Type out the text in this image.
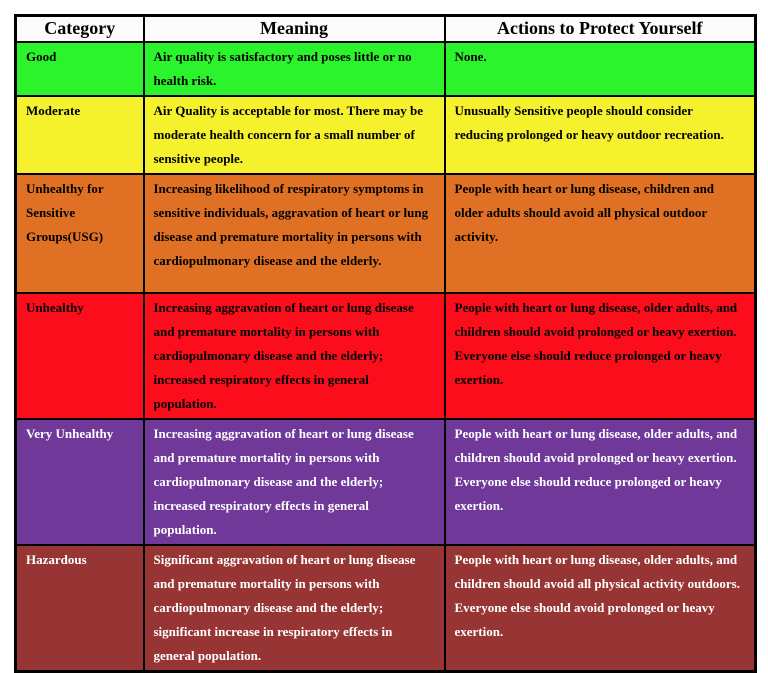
Category	Meaning	Actions to Protect Yourself
Good	Air quality is satisfactory and poses little or no health risk.	None.
Moderate	Air Quality is acceptable for most. There may be moderate health concern for a small number of sensitive people.	Unusually Sensitive people should consider reducing prolonged or heavy outdoor recreation.
Unhealthy for Sensitive Groups(USG)	Increasing likelihood of respiratory symptoms in sensitive individuals, aggravation of heart or lung disease and premature mortality in persons with cardiopulmonary disease and the elderly.	People with heart or lung disease, children and older adults should avoid all physical outdoor activity.
Unhealthy	Increasing aggravation of heart or lung disease and premature mortality in persons with cardiopulmonary disease and the elderly; increased respiratory effects in general population.	People with heart or lung disease, older adults, and children should avoid prolonged or heavy exertion. Everyone else should reduce prolonged or heavy exertion.
Very Unhealthy	Increasing aggravation of heart or lung disease and premature mortality in persons with cardiopulmonary disease and the elderly; increased respiratory effects in general population.	People with heart or lung disease, older adults, and children should avoid prolonged or heavy exertion. Everyone else should reduce prolonged or heavy exertion.
Hazardous	Significant aggravation of heart or lung disease and premature mortality in persons with cardiopulmonary disease and the elderly; significant increase in respiratory effects in general population.	People with heart or lung disease, older adults, and children should avoid all physical activity outdoors. Everyone else should avoid prolonged or heavy exertion.
